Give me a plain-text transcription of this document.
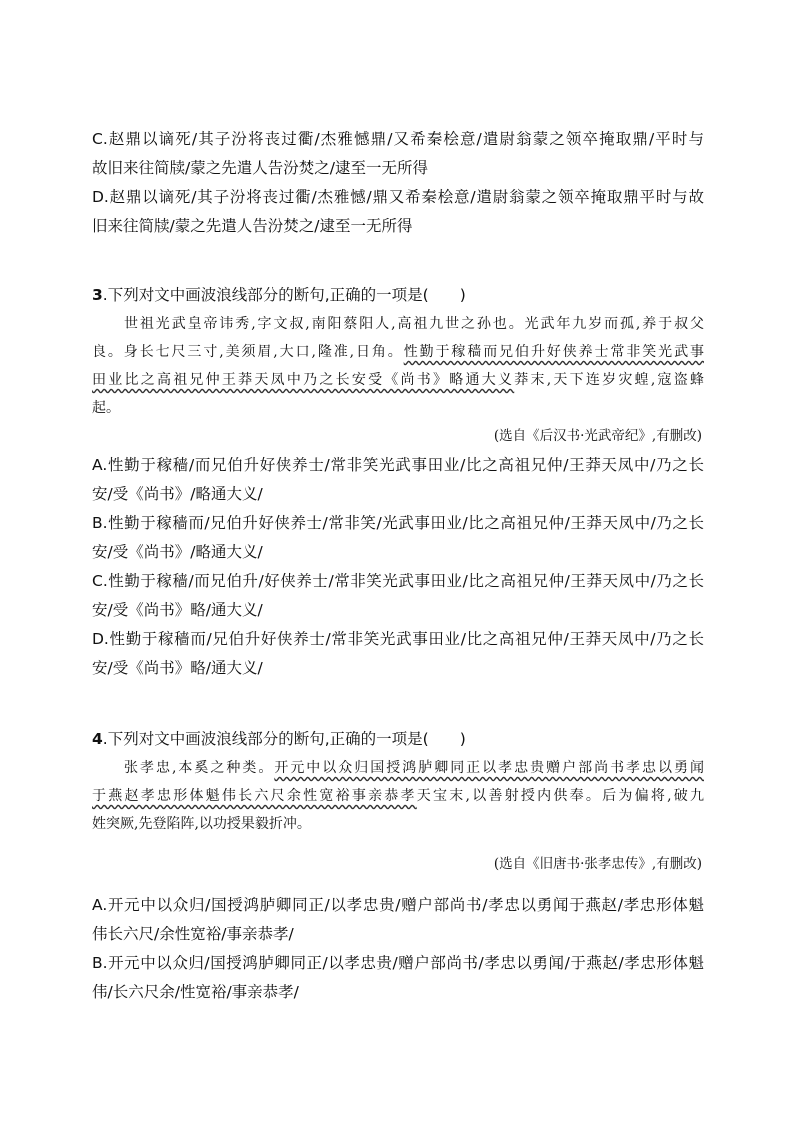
C.赵鼎以谪死/其子汾将丧过衢/杰雅憾鼎/又希秦桧意/遣尉翁蒙之领卒掩取鼎/平时与
故旧来往简牍/蒙之先遣人告汾焚之/逮至一无所得
D.赵鼎以谪死/其子汾将丧过衢/杰雅憾/鼎又希秦桧意/遣尉翁蒙之领卒掩取鼎平时与故
旧来往简牍/蒙之先遣人告汾焚之/逮至一无所得
3.下列对文中画波浪线部分的断句,正确的一项是(　　)
世祖光武皇帝讳秀,字文叔,南阳蔡阳人,高祖九世之孙也。光武年九岁而孤,养于叔父
良。身长七尺三寸,美须眉,大口,隆准,日角。性勤于稼穑而兄伯升好侠养士常非笑光武事
田业比之高祖兄仲王莽天凤中乃之长安受《尚书》略通大义莽末,天下连岁灾蝗,寇盗蜂
起。
(选自《后汉书·光武帝纪》,有删改)
A.性勤于稼穑/而兄伯升好侠养士/常非笑光武事田业/比之高祖兄仲/王莽天凤中/乃之长
安/受《尚书》/略通大义/
B.性勤于稼穑而/兄伯升好侠养士/常非笑/光武事田业/比之高祖兄仲/王莽天凤中/乃之长
安/受《尚书》/略通大义/
C.性勤于稼穑/而兄伯升/好侠养士/常非笑光武事田业/比之高祖兄仲/王莽天凤中/乃之长
安/受《尚书》略/通大义/
D.性勤于稼穑而/兄伯升好侠养士/常非笑光武事田业/比之高祖兄仲/王莽天凤中/乃之长
安/受《尚书》略/通大义/
4.下列对文中画波浪线部分的断句,正确的一项是(　　)
张孝忠,本奚之种类。开元中以众归国授鸿胪卿同正以孝忠贵赠户部尚书孝忠以勇闻
于燕赵孝忠形体魁伟长六尺余性宽裕事亲恭孝天宝末,以善射授内供奉。后为偏将,破九
姓突厥,先登陷阵,以功授果毅折冲。
(选自《旧唐书·张孝忠传》,有删改)
A.开元中以众归/国授鸿胪卿同正/以孝忠贵/赠户部尚书/孝忠以勇闻于燕赵/孝忠形体魁
伟长六尺/余性宽裕/事亲恭孝/
B.开元中以众归/国授鸿胪卿同正/以孝忠贵/赠户部尚书/孝忠以勇闻/于燕赵/孝忠形体魁
伟/长六尺余/性宽裕/事亲恭孝/
